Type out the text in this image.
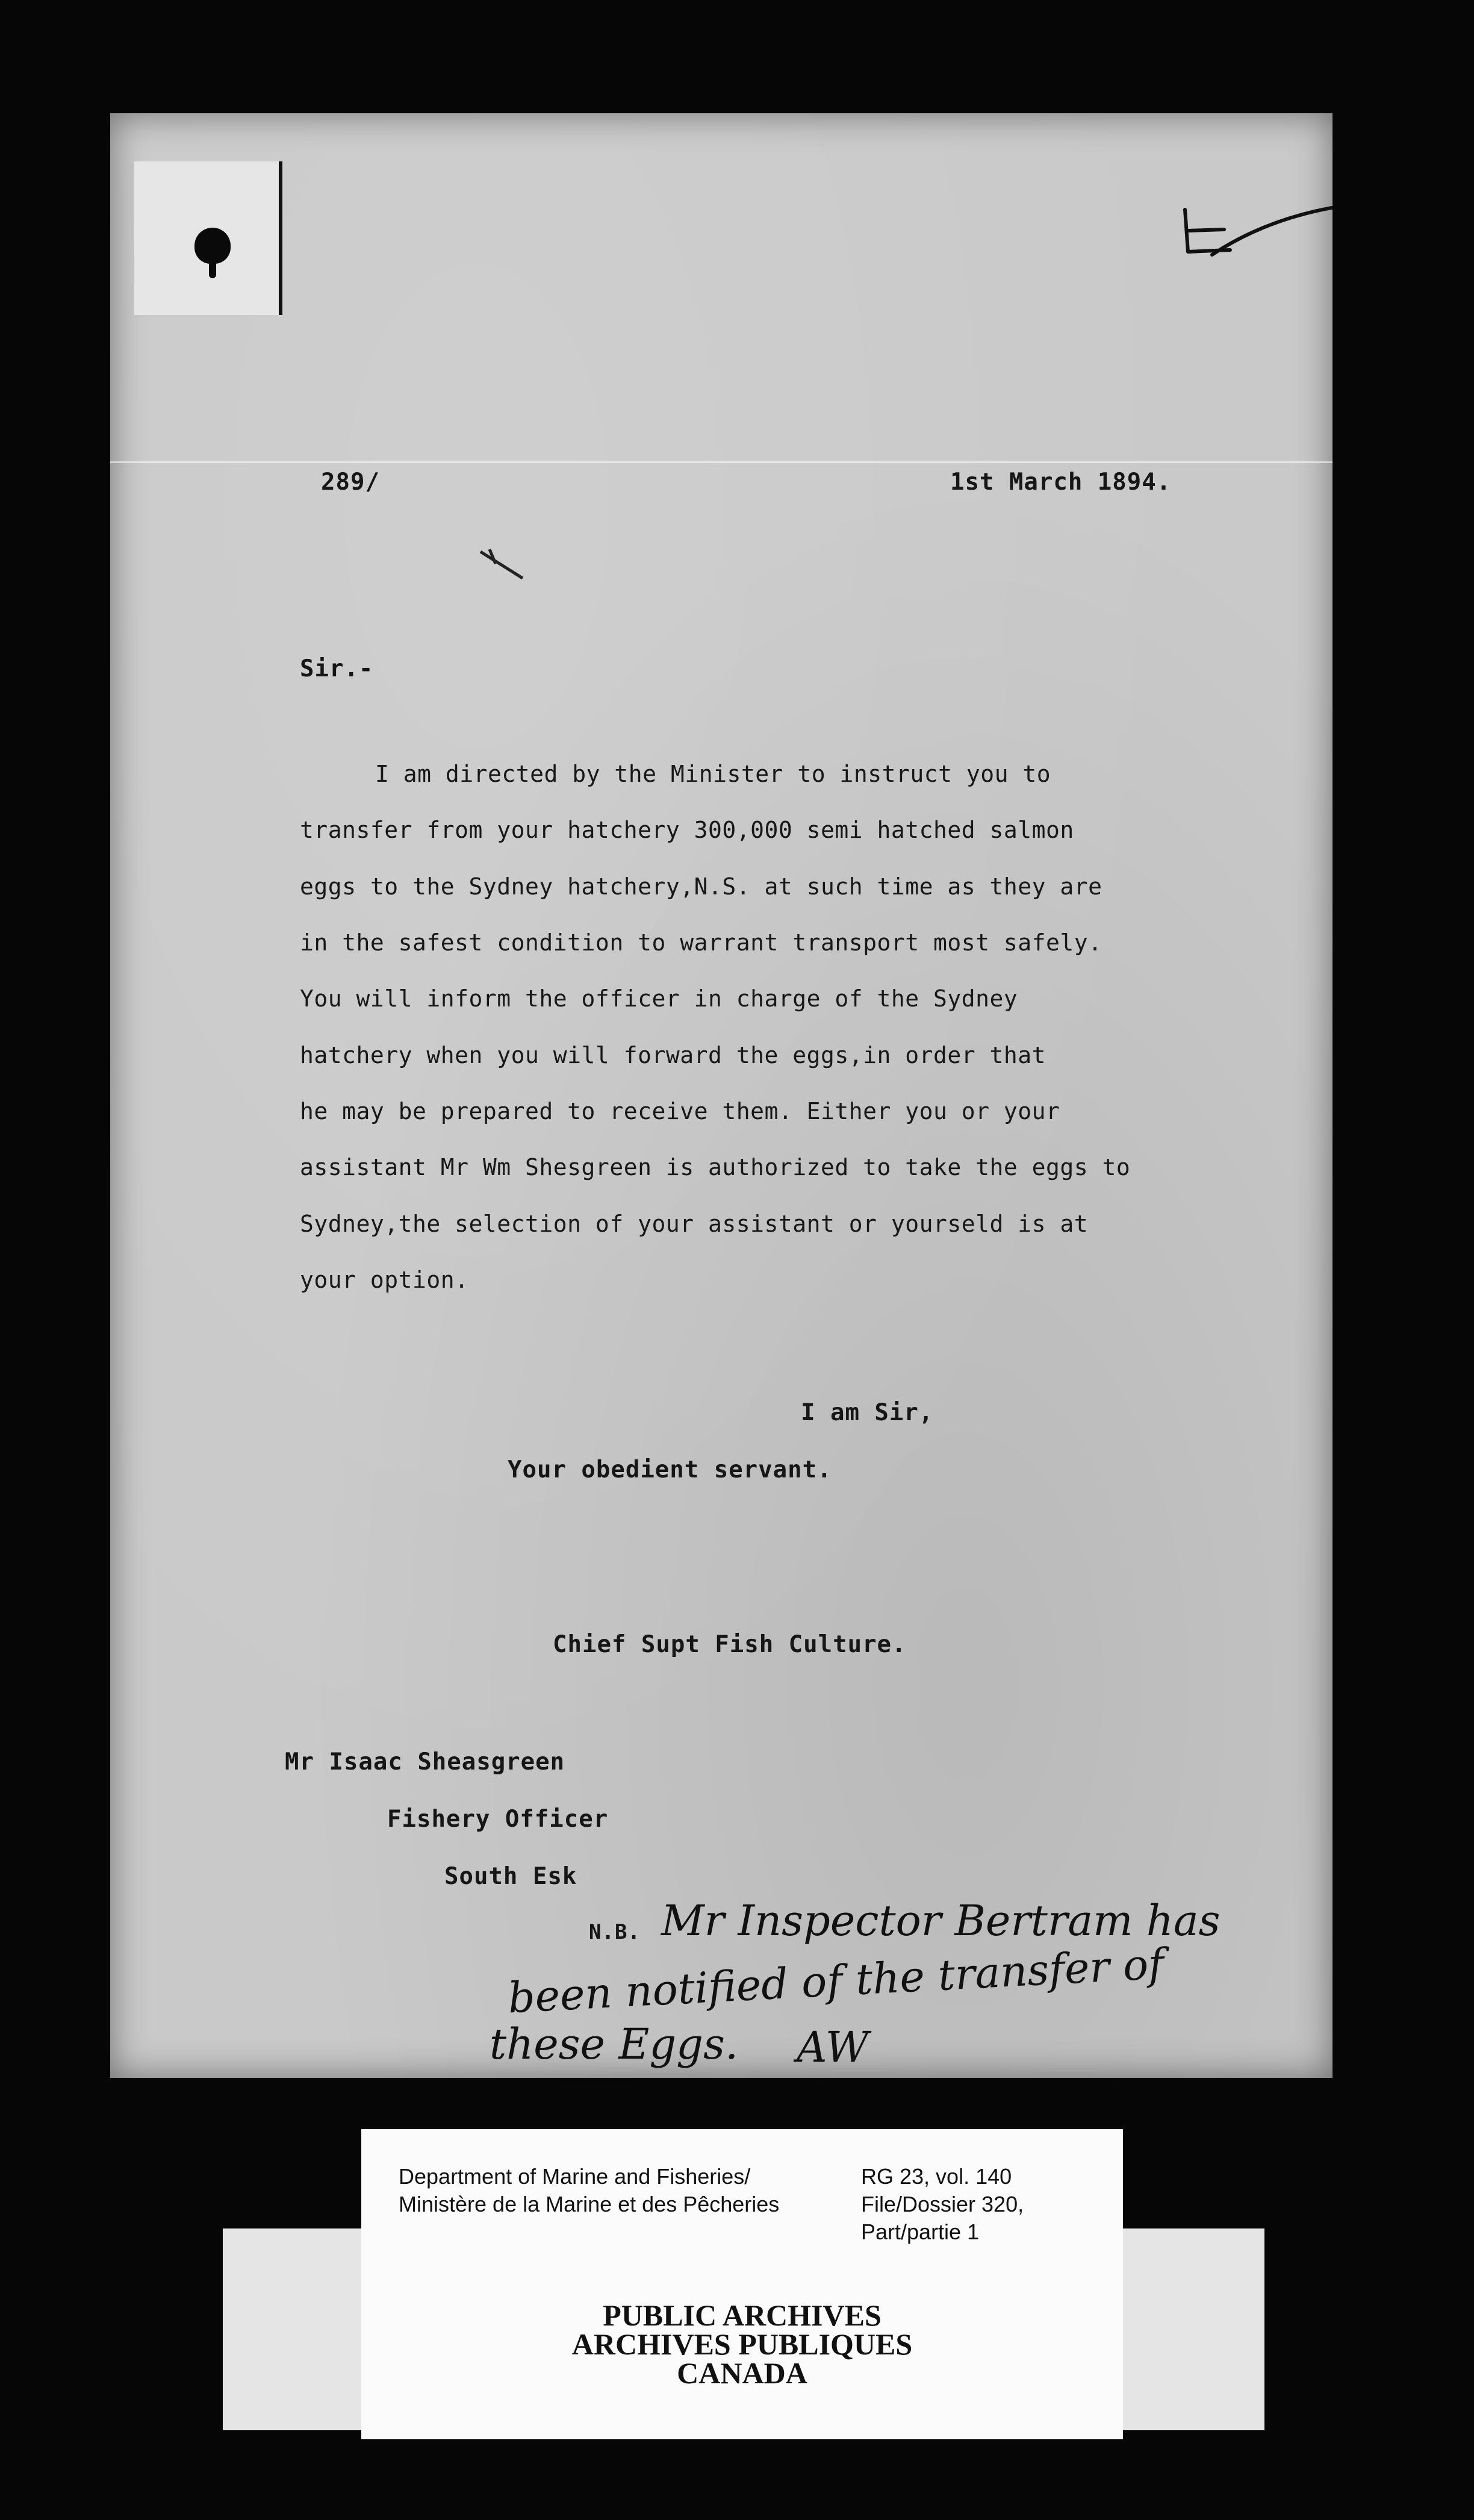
289/	1st March 1894.
Sir.-
I am directed by the Minister to instruct you to
transfer from your hatchery 300,000 semi hatched salmon
eggs to the Sydney hatchery,N.S. at such time as they are
in the safest condition to warrant transport most safely.
You will inform the officer in charge of the Sydney
hatchery when you will forward the eggs,in order that
he may be prepared to receive them. Either you or your
assistant Mr Wm Shesgreen is authorized to take the eggs to
Sydney,the selection of your assistant or yourseld is at
your option.
I am Sir,
Your obedient servant.
Chief Supt Fish Culture.
Mr Isaac Sheasgreen
Fishery Officer
South Esk
N.B. Mr Inspector Bertram has
been notified of the transfer of
these Eggs. AW
Department of Marine and Fisheries/
Ministère de la Marine et des Pêcheries
RG 23, vol. 140
File/Dossier 320,
Part/partie 1
PUBLIC ARCHIVES
ARCHIVES PUBLIQUES
CANADA
